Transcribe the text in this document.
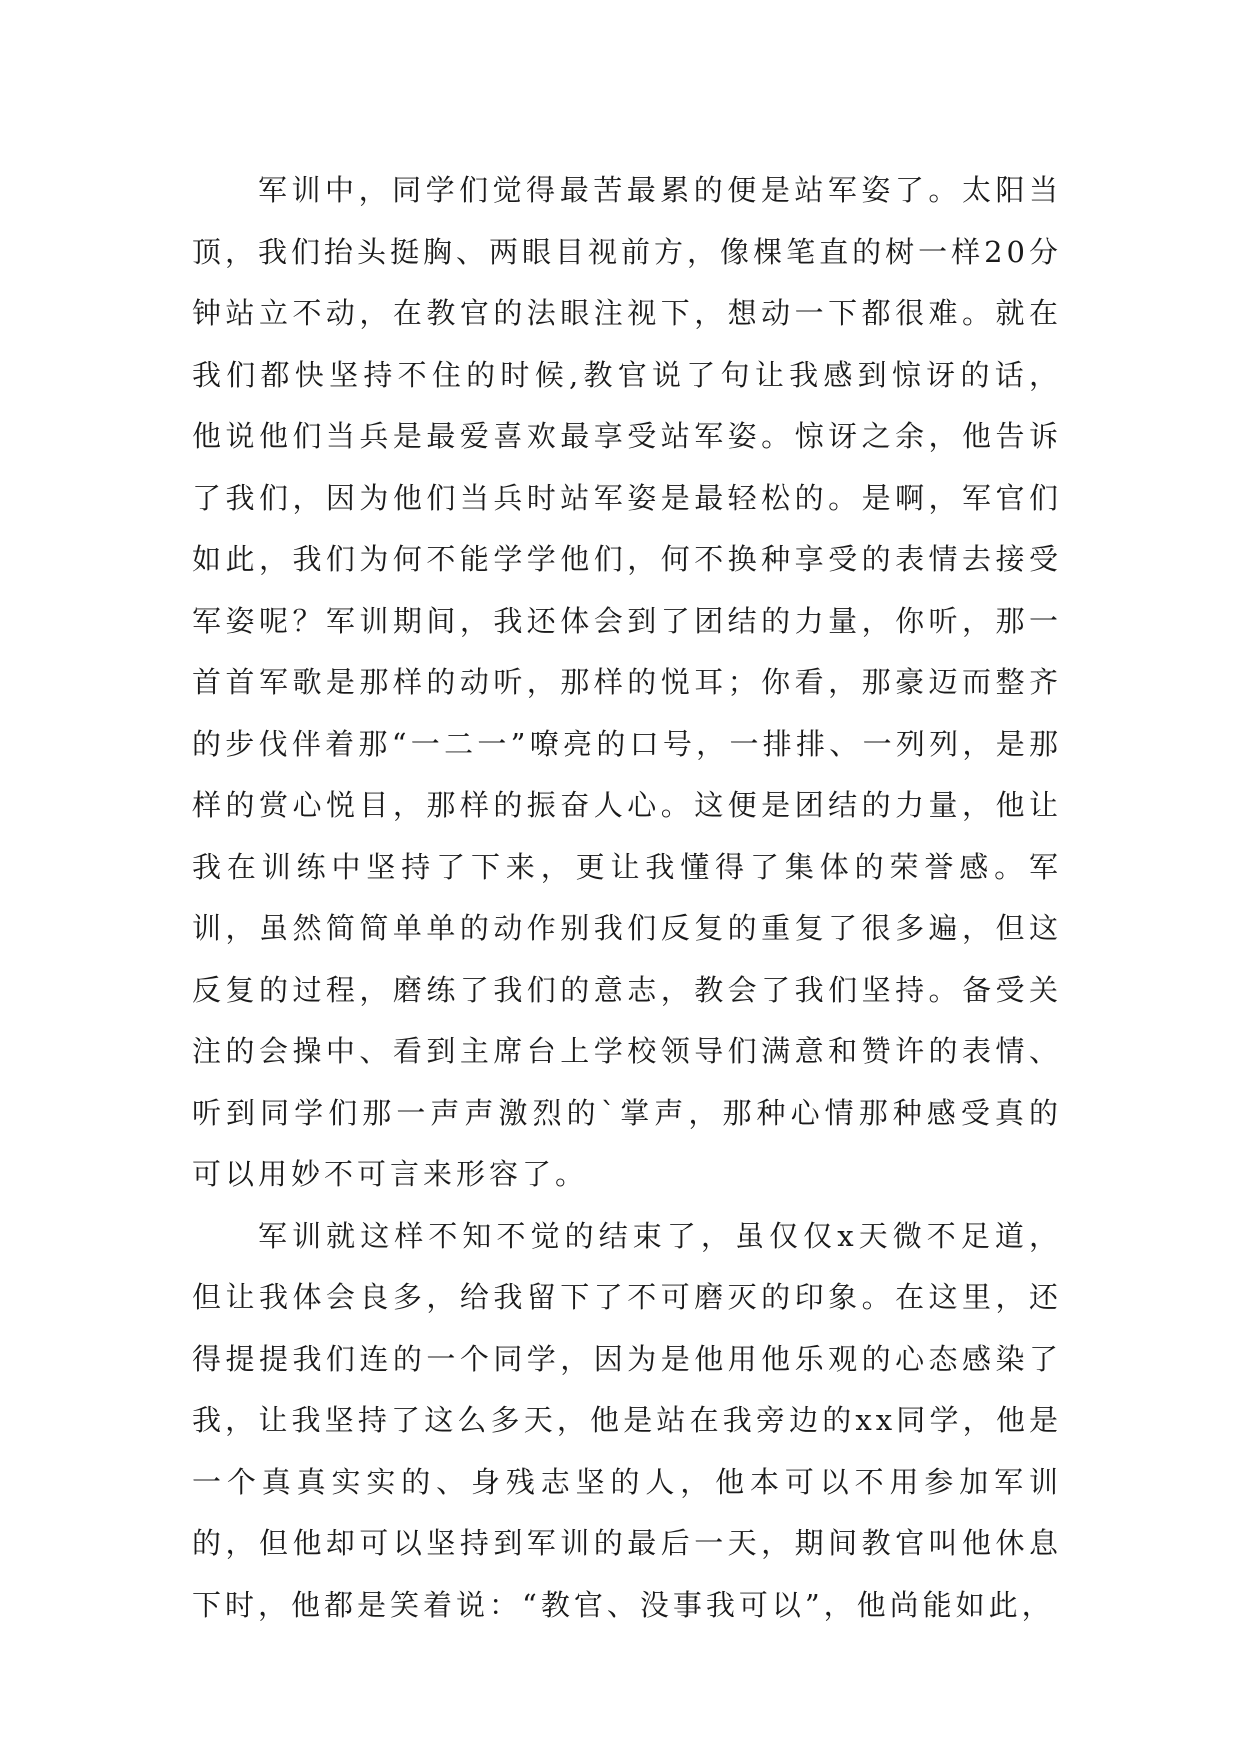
军训中，同学们觉得最苦最累的便是站军姿了。太阳当顶，我们抬头挺胸、两眼目视前方，像棵笔直的树一样20分钟站立不动，在教官的法眼注视下，想动一下都很难。就在我们都快坚持不住的时候,教官说了句让我感到惊讶的话，他说他们当兵是最爱喜欢最享受站军姿。惊讶之余，他告诉了我们，因为他们当兵时站军姿是最轻松的。是啊，军官们如此，我们为何不能学学他们，何不换种享受的表情去接受军姿呢？军训期间，我还体会到了团结的力量，你听，那一首首军歌是那样的动听，那样的悦耳；你看，那豪迈而整齐的步伐伴着那“一二一”嘹亮的口号，一排排、一列列，是那样的赏心悦目，那样的振奋人心。这便是团结的力量，他让我在训练中坚持了下来，更让我懂得了集体的荣誉感。军训，虽然简简单单的动作别我们反复的重复了很多遍，但这反复的过程，磨练了我们的意志，教会了我们坚持。备受关注的会操中、看到主席台上学校领导们满意和赞许的表情、听到同学们那一声声激烈的`掌声，那种心情那种感受真的可以用妙不可言来形容了。

军训就这样不知不觉的结束了，虽仅仅x天微不足道，但让我体会良多，给我留下了不可磨灭的印象。在这里，还得提提我们连的一个同学，因为是他用他乐观的心态感染了我，让我坚持了这么多天，他是站在我旁边的xx同学，他是一个真真实实的、身残志坚的人，他本可以不用参加军训的，但他却可以坚持到军训的最后一天，期间教官叫他休息下时，他都是笑着说：“教官、没事我可以”，他尚能如此，
